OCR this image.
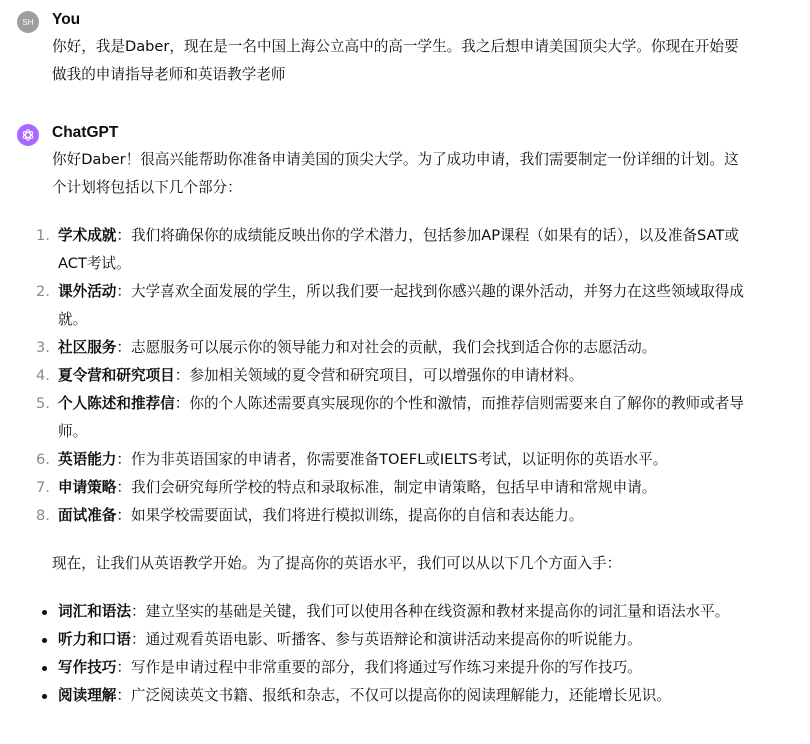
SH You
你好，我是Daber，现在是一名中国上海公立高中的高一学生。我之后想申请美国顶尖大学。你现在开始要做我的申请指导老师和英语教学老师
ChatGPT
你好Daber！很高兴能帮助你准备申请美国的顶尖大学。为了成功申请，我们需要制定一份详细的计划。这个计划将包括以下几个部分：
1. 学术成就：我们将确保你的成绩能反映出你的学术潜力，包括参加AP课程（如果有的话），以及准备SAT或ACT考试。
2. 课外活动：大学喜欢全面发展的学生，所以我们要一起找到你感兴趣的课外活动，并努力在这些领域取得成就。
3. 社区服务：志愿服务可以展示你的领导能力和对社会的贡献，我们会找到适合你的志愿活动。
4. 夏令营和研究项目：参加相关领域的夏令营和研究项目，可以增强你的申请材料。
5. 个人陈述和推荐信：你的个人陈述需要真实展现你的个性和激情，而推荐信则需要来自了解你的教师或者导师。
6. 英语能力：作为非英语国家的申请者，你需要准备TOEFL或IELTS考试，以证明你的英语水平。
7. 申请策略：我们会研究每所学校的特点和录取标准，制定申请策略，包括早申请和常规申请。
8. 面试准备：如果学校需要面试，我们将进行模拟训练，提高你的自信和表达能力。
现在，让我们从英语教学开始。为了提高你的英语水平，我们可以从以下几个方面入手：
词汇和语法：建立坚实的基础是关键，我们可以使用各种在线资源和教材来提高你的词汇量和语法水平。
听力和口语：通过观看英语电影、听播客、参与英语辩论和演讲活动来提高你的听说能力。
写作技巧：写作是申请过程中非常重要的部分，我们将通过写作练习来提升你的写作技巧。
阅读理解：广泛阅读英文书籍、报纸和杂志，不仅可以提高你的阅读理解能力，还能增长见识。
